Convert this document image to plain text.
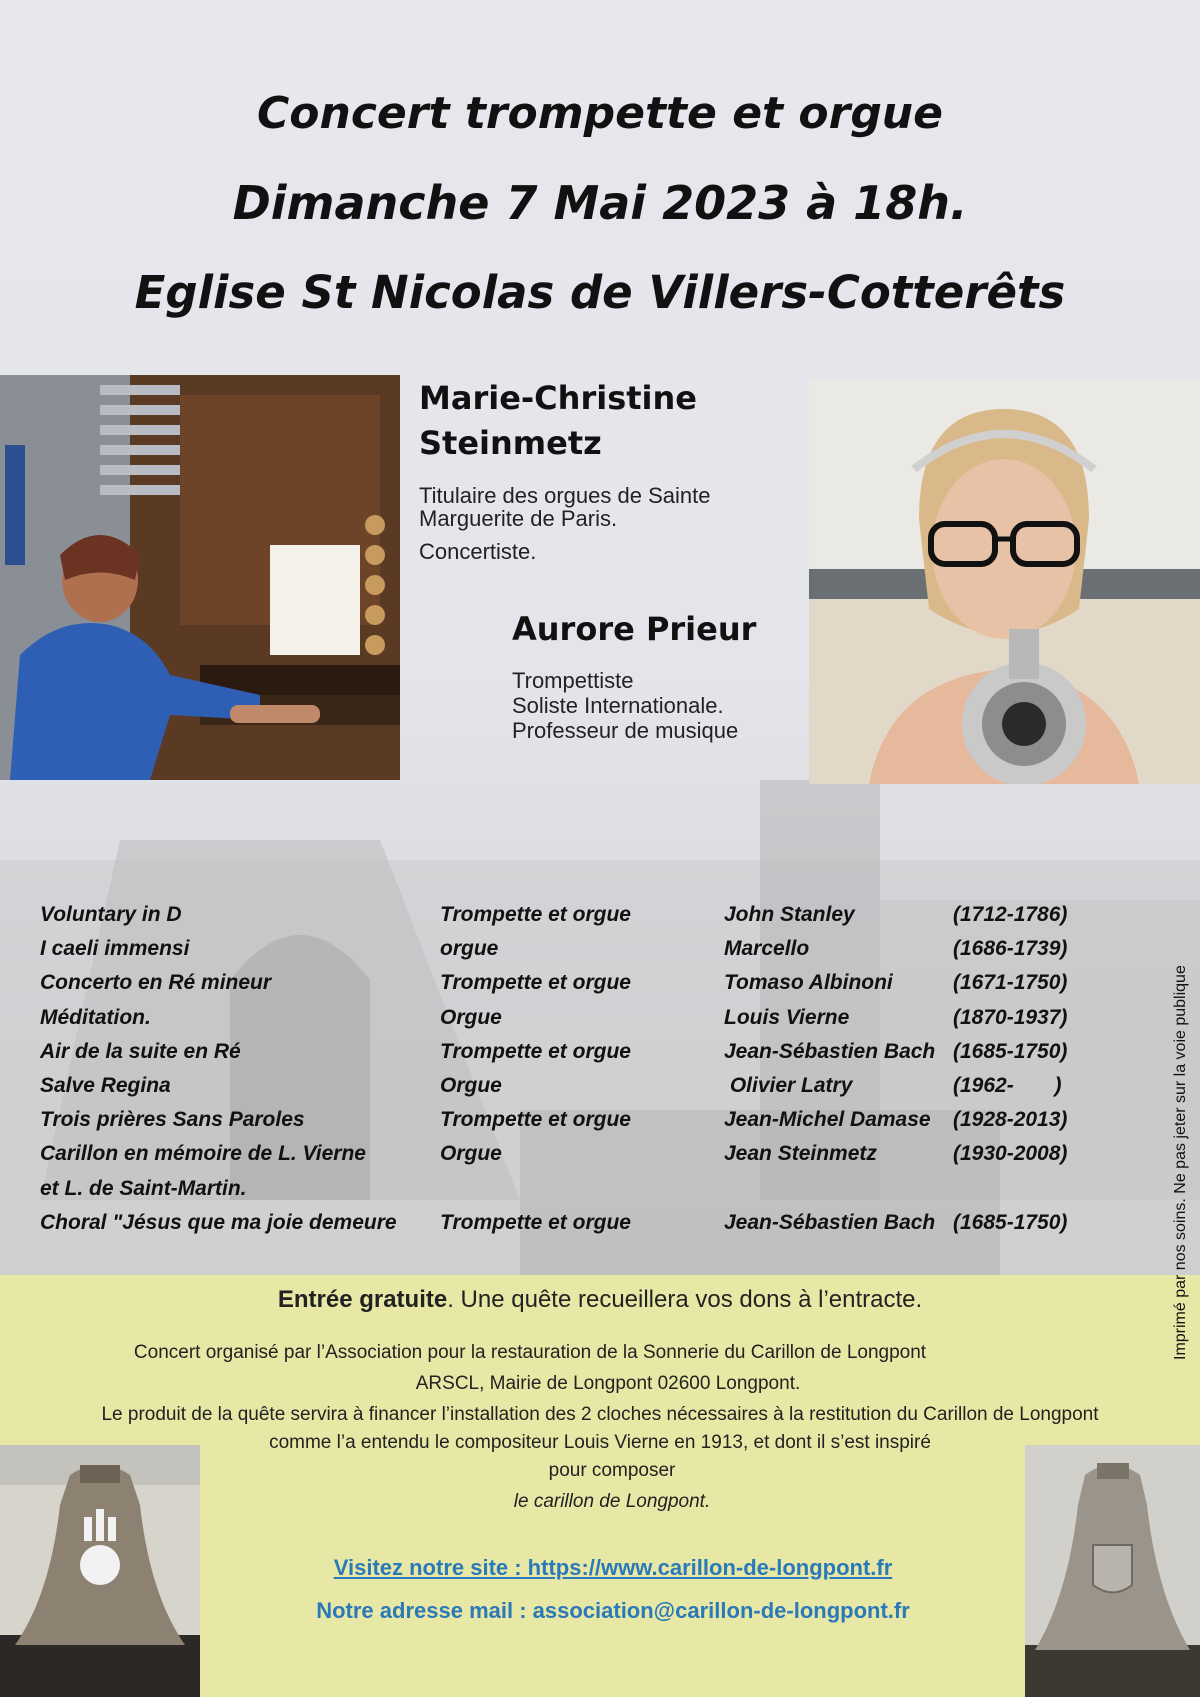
Concert trompette et orgue
Dimanche 7 Mai 2023 à 18h.
Eglise St Nicolas de Villers-Cotterêts
Marie-Christine
Steinmetz
Titulaire des orgues de Sainte
Marguerite de Paris.
Concertiste.
Aurore Prieur
Trompettiste
Soliste Internationale.
Professeur de musique
Voluntary in D	Trompette et orgue	John Stanley	(1712-1786)
I caeli immensi	orgue	Marcello	(1686-1739)
Concerto en Ré mineur	Trompette et orgue	Tomaso Albinoni	(1671-1750)
Méditation.	Orgue	Louis Vierne	(1870-1937)
Air de la suite en Ré	Trompette et orgue	Jean-Sébastien Bach	(1685-1750)
Salve Regina	Orgue	Olivier Latry	(1962-       )
Trois prières Sans Paroles	Trompette et orgue	Jean-Michel Damase	(1928-2013)
Carillon en mémoire de L. Vierne	Orgue	Jean Steinmetz	(1930-2008)
et L. de Saint-Martin.			
Choral "Jésus que ma joie demeure	Trompette et orgue	Jean-Sébastien Bach	(1685-1750)
Entrée gratuite. Une quête recueillera vos dons à l’entracte.
Concert organisé par l’Association pour la restauration de la Sonnerie du Carillon de Longpont
ARSCL, Mairie de Longpont 02600 Longpont.
Le produit de la quête servira à financer l’installation des 2 cloches nécessaires à la restitution du Carillon de Longpont
comme l’a entendu le compositeur Louis Vierne en 1913, et dont il s’est inspiré
pour composer
le carillon de Longpont.
Visitez notre site : https://www.carillon-de-longpont.fr
Notre adresse mail : association@carillon-de-longpont.fr
Imprimé par nos soins. Ne pas jeter sur la voie publique
